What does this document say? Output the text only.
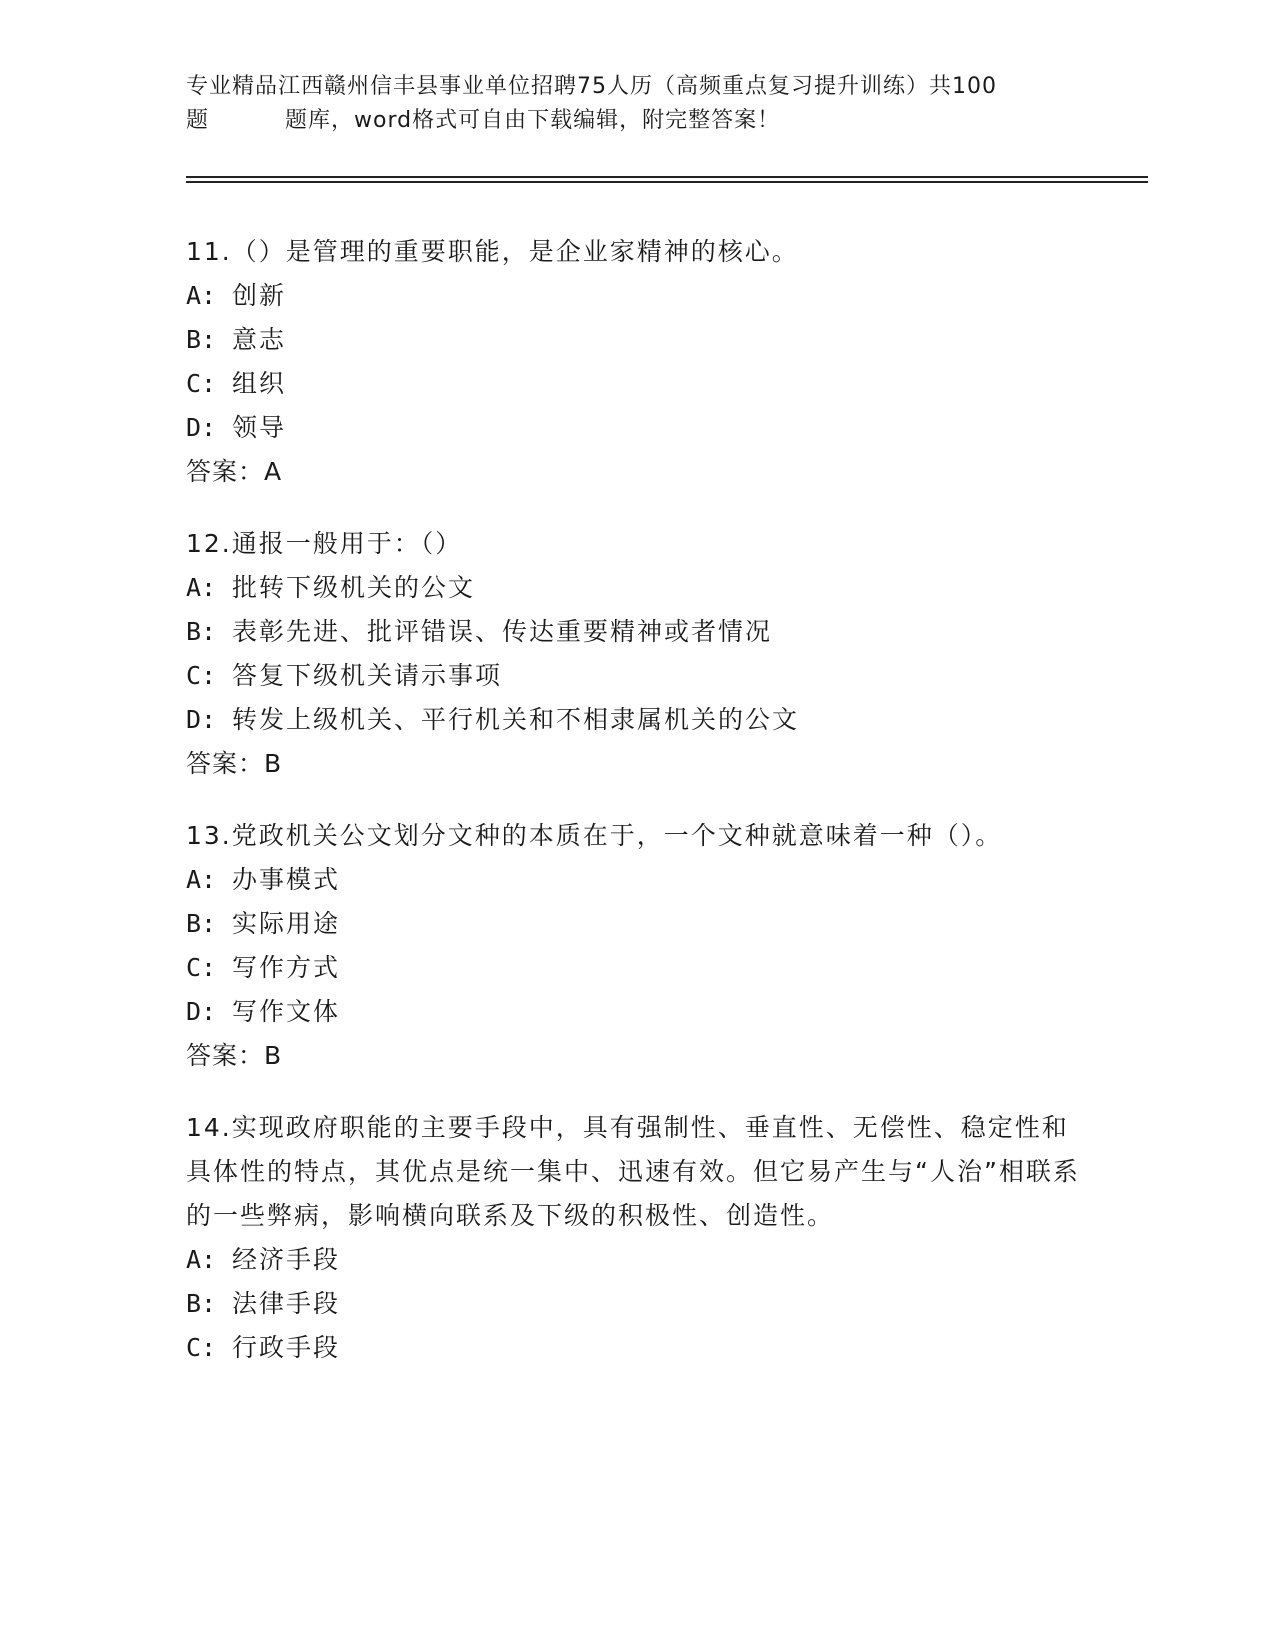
专业精品江西赣州信丰县事业单位招聘75人历（高频重点复习提升训练）共100
题	题库，word格式可自由下载编辑，附完整答案！
11.（）是管理的重要职能，是企业家精神的核心。
A: 创新
B: 意志
C: 组织
D: 领导
答案：A
12.通报一般用于：（）
A: 批转下级机关的公文
B: 表彰先进、批评错误、传达重要精神或者情况
C: 答复下级机关请示事项
D: 转发上级机关、平行机关和不相隶属机关的公文
答案：B
13.党政机关公文划分文种的本质在于，一个文种就意味着一种（）。
A: 办事模式
B: 实际用途
C: 写作方式
D: 写作文体
答案：B
14.实现政府职能的主要手段中，具有强制性、垂直性、无偿性、稳定性和具体性的特点，其优点是统一集中、迅速有效。但它易产生与“人治”相联系的一些弊病，影响横向联系及下级的积极性、创造性。
A: 经济手段
B: 法律手段
C: 行政手段
